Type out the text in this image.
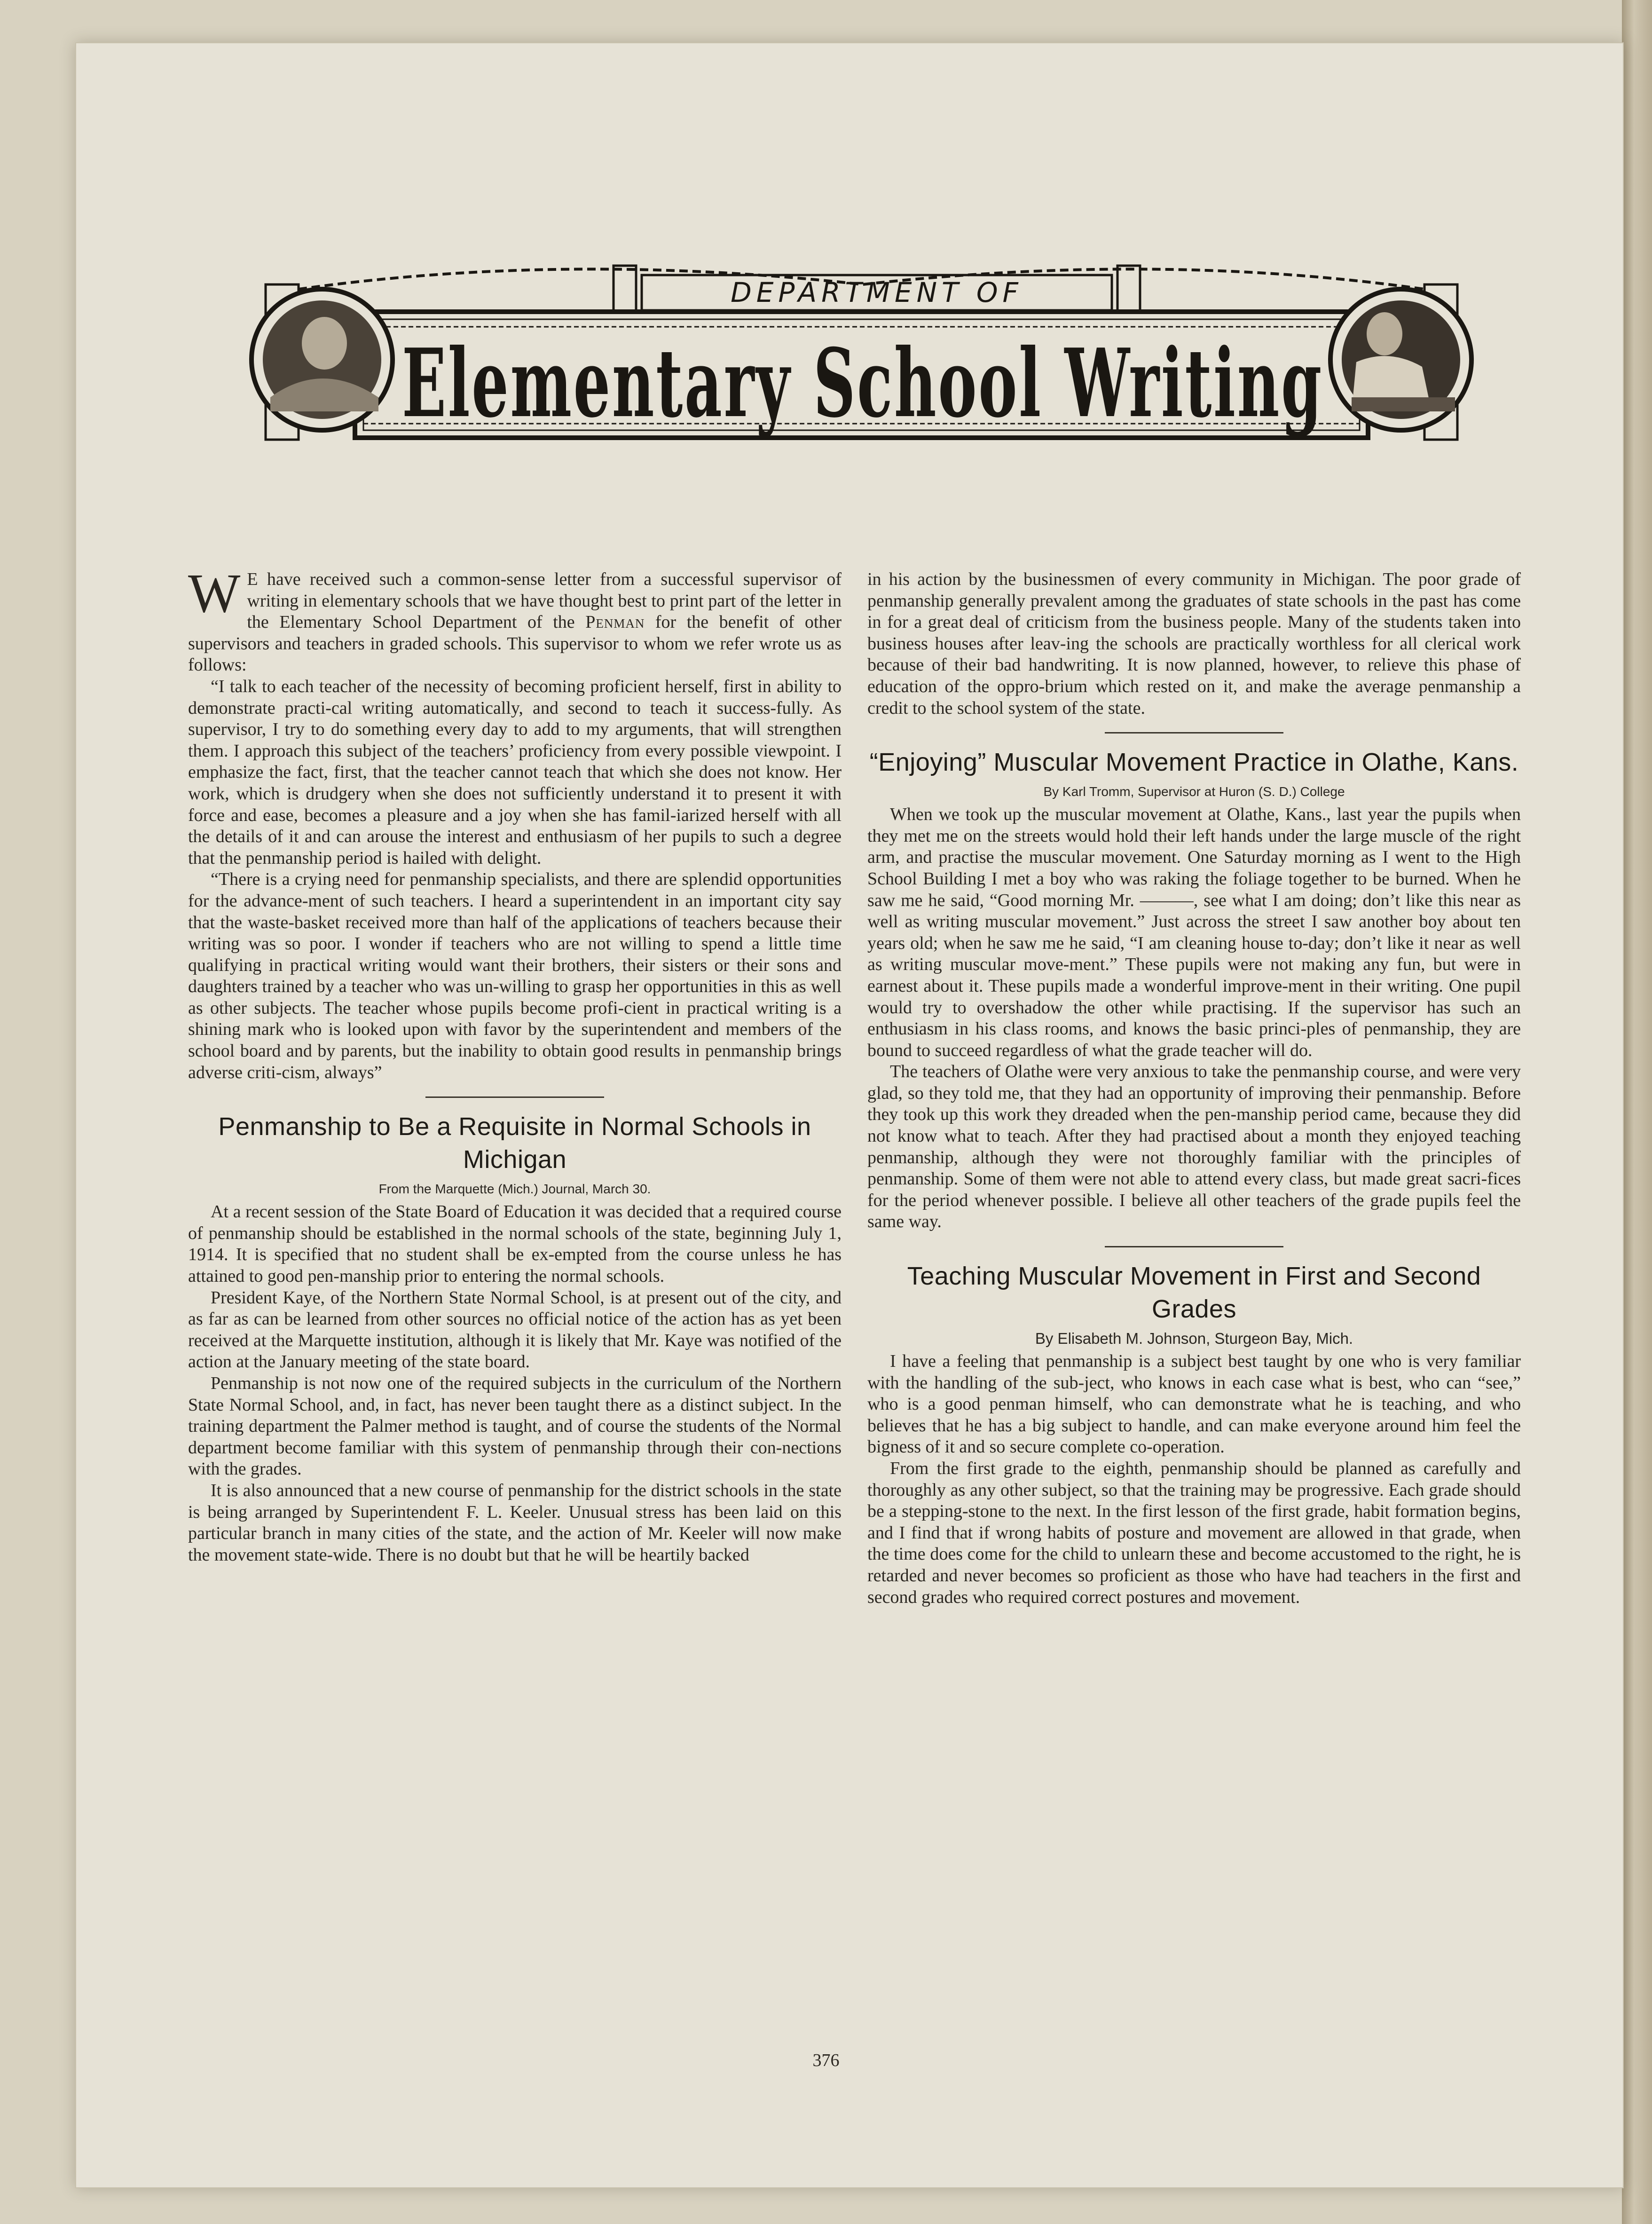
DEPARTMENT OF
Elementary School Writing

W E have received such a common-sense letter from a successful supervisor of writing in elementary schools that we have thought best to print part of the letter in the Elementary School Department of the Penman for the benefit of other supervisors and teachers in graded schools. This supervisor to whom we refer wrote us as follows:

“I talk to each teacher of the necessity of becoming proficient herself, first in ability to demonstrate practi-cal writing automatically, and second to teach it success-fully. As supervisor, I try to do something every day to add to my arguments, that will strengthen them. I approach this subject of the teachers’ proficiency from every possible viewpoint. I emphasize the fact, first, that the teacher cannot teach that which she does not know. Her work, which is drudgery when she does not sufficiently understand it to present it with force and ease, becomes a pleasure and a joy when she has famil-iarized herself with all the details of it and can arouse the interest and enthusiasm of her pupils to such a degree that the penmanship period is hailed with delight.

“There is a crying need for penmanship specialists, and there are splendid opportunities for the advance-ment of such teachers. I heard a superintendent in an important city say that the waste-basket received more than half of the applications of teachers because their writing was so poor. I wonder if teachers who are not willing to spend a little time qualifying in practical writing would want their brothers, their sisters or their sons and daughters trained by a teacher who was un-willing to grasp her opportunities in this as well as other subjects. The teacher whose pupils become profi-cient in practical writing is a shining mark who is looked upon with favor by the superintendent and members of the school board and by parents, but the inability to obtain good results in penmanship brings adverse criti-cism, always”

Penmanship to Be a Requisite in Normal Schools in Michigan
From the Marquette (Mich.) Journal, March 30.

At a recent session of the State Board of Education it was decided that a required course of penmanship should be established in the normal schools of the state, beginning July 1, 1914. It is specified that no student shall be ex-empted from the course unless he has attained to good pen-manship prior to entering the normal schools.

President Kaye, of the Northern State Normal School, is at present out of the city, and as far as can be learned from other sources no official notice of the action has as yet been received at the Marquette institution, although it is likely that Mr. Kaye was notified of the action at the January meeting of the state board.

Penmanship is not now one of the required subjects in the curriculum of the Northern State Normal School, and, in fact, has never been taught there as a distinct subject. In the training department the Palmer method is taught, and of course the students of the Normal department become familiar with this system of penmanship through their con-nections with the grades.

It is also announced that a new course of penmanship for the district schools in the state is being arranged by Superintendent F. L. Keeler. Unusual stress has been laid on this particular branch in many cities of the state, and the action of Mr. Keeler will now make the movement state-wide. There is no doubt but that he will be heartily backed

in his action by the businessmen of every community in Michigan. The poor grade of penmanship generally prevalent among the graduates of state schools in the past has come in for a great deal of criticism from the business people. Many of the students taken into business houses after leav-ing the schools are practically worthless for all clerical work because of their bad handwriting. It is now planned, however, to relieve this phase of education of the oppro-brium which rested on it, and make the average penmanship a credit to the school system of the state.

“Enjoying” Muscular Movement Practice in Olathe, Kans.
By Karl Tromm, Supervisor at Huron (S. D.) College

When we took up the muscular movement at Olathe, Kans., last year the pupils when they met me on the streets would hold their left hands under the large muscle of the right arm, and practise the muscular movement. One Saturday morning as I went to the High School Building I met a boy who was raking the foliage together to be burned. When he saw me he said, “Good morning Mr. ———, see what I am doing; don’t like this near as well as writing muscular movement.” Just across the street I saw another boy about ten years old; when he saw me he said, “I am cleaning house to-day; don’t like it near as well as writing muscular move-ment.” These pupils were not making any fun, but were in earnest about it. These pupils made a wonderful improve-ment in their writing. One pupil would try to overshadow the other while practising. If the supervisor has such an enthusiasm in his class rooms, and knows the basic princi-ples of penmanship, they are bound to succeed regardless of what the grade teacher will do.

The teachers of Olathe were very anxious to take the penmanship course, and were very glad, so they told me, that they had an opportunity of improving their penmanship. Before they took up this work they dreaded when the pen-manship period came, because they did not know what to teach. After they had practised about a month they enjoyed teaching penmanship, although they were not thoroughly familiar with the principles of penmanship. Some of them were not able to attend every class, but made great sacri-fices for the period whenever possible. I believe all other teachers of the grade pupils feel the same way.

Teaching Muscular Movement in First and Second Grades
By Elisabeth M. Johnson, Sturgeon Bay, Mich.

I have a feeling that penmanship is a subject best taught by one who is very familiar with the handling of the sub-ject, who knows in each case what is best, who can “see,” who is a good penman himself, who can demonstrate what he is teaching, and who believes that he has a big subject to handle, and can make everyone around him feel the bigness of it and so secure complete co-operation.

From the first grade to the eighth, penmanship should be planned as carefully and thoroughly as any other subject, so that the training may be progressive. Each grade should be a stepping-stone to the next. In the first lesson of the first grade, habit formation begins, and I find that if wrong habits of posture and movement are allowed in that grade, when the time does come for the child to unlearn these and become accustomed to the right, he is retarded and never becomes so proficient as those who have had teachers in the first and second grades who required correct postures and movement.

376
